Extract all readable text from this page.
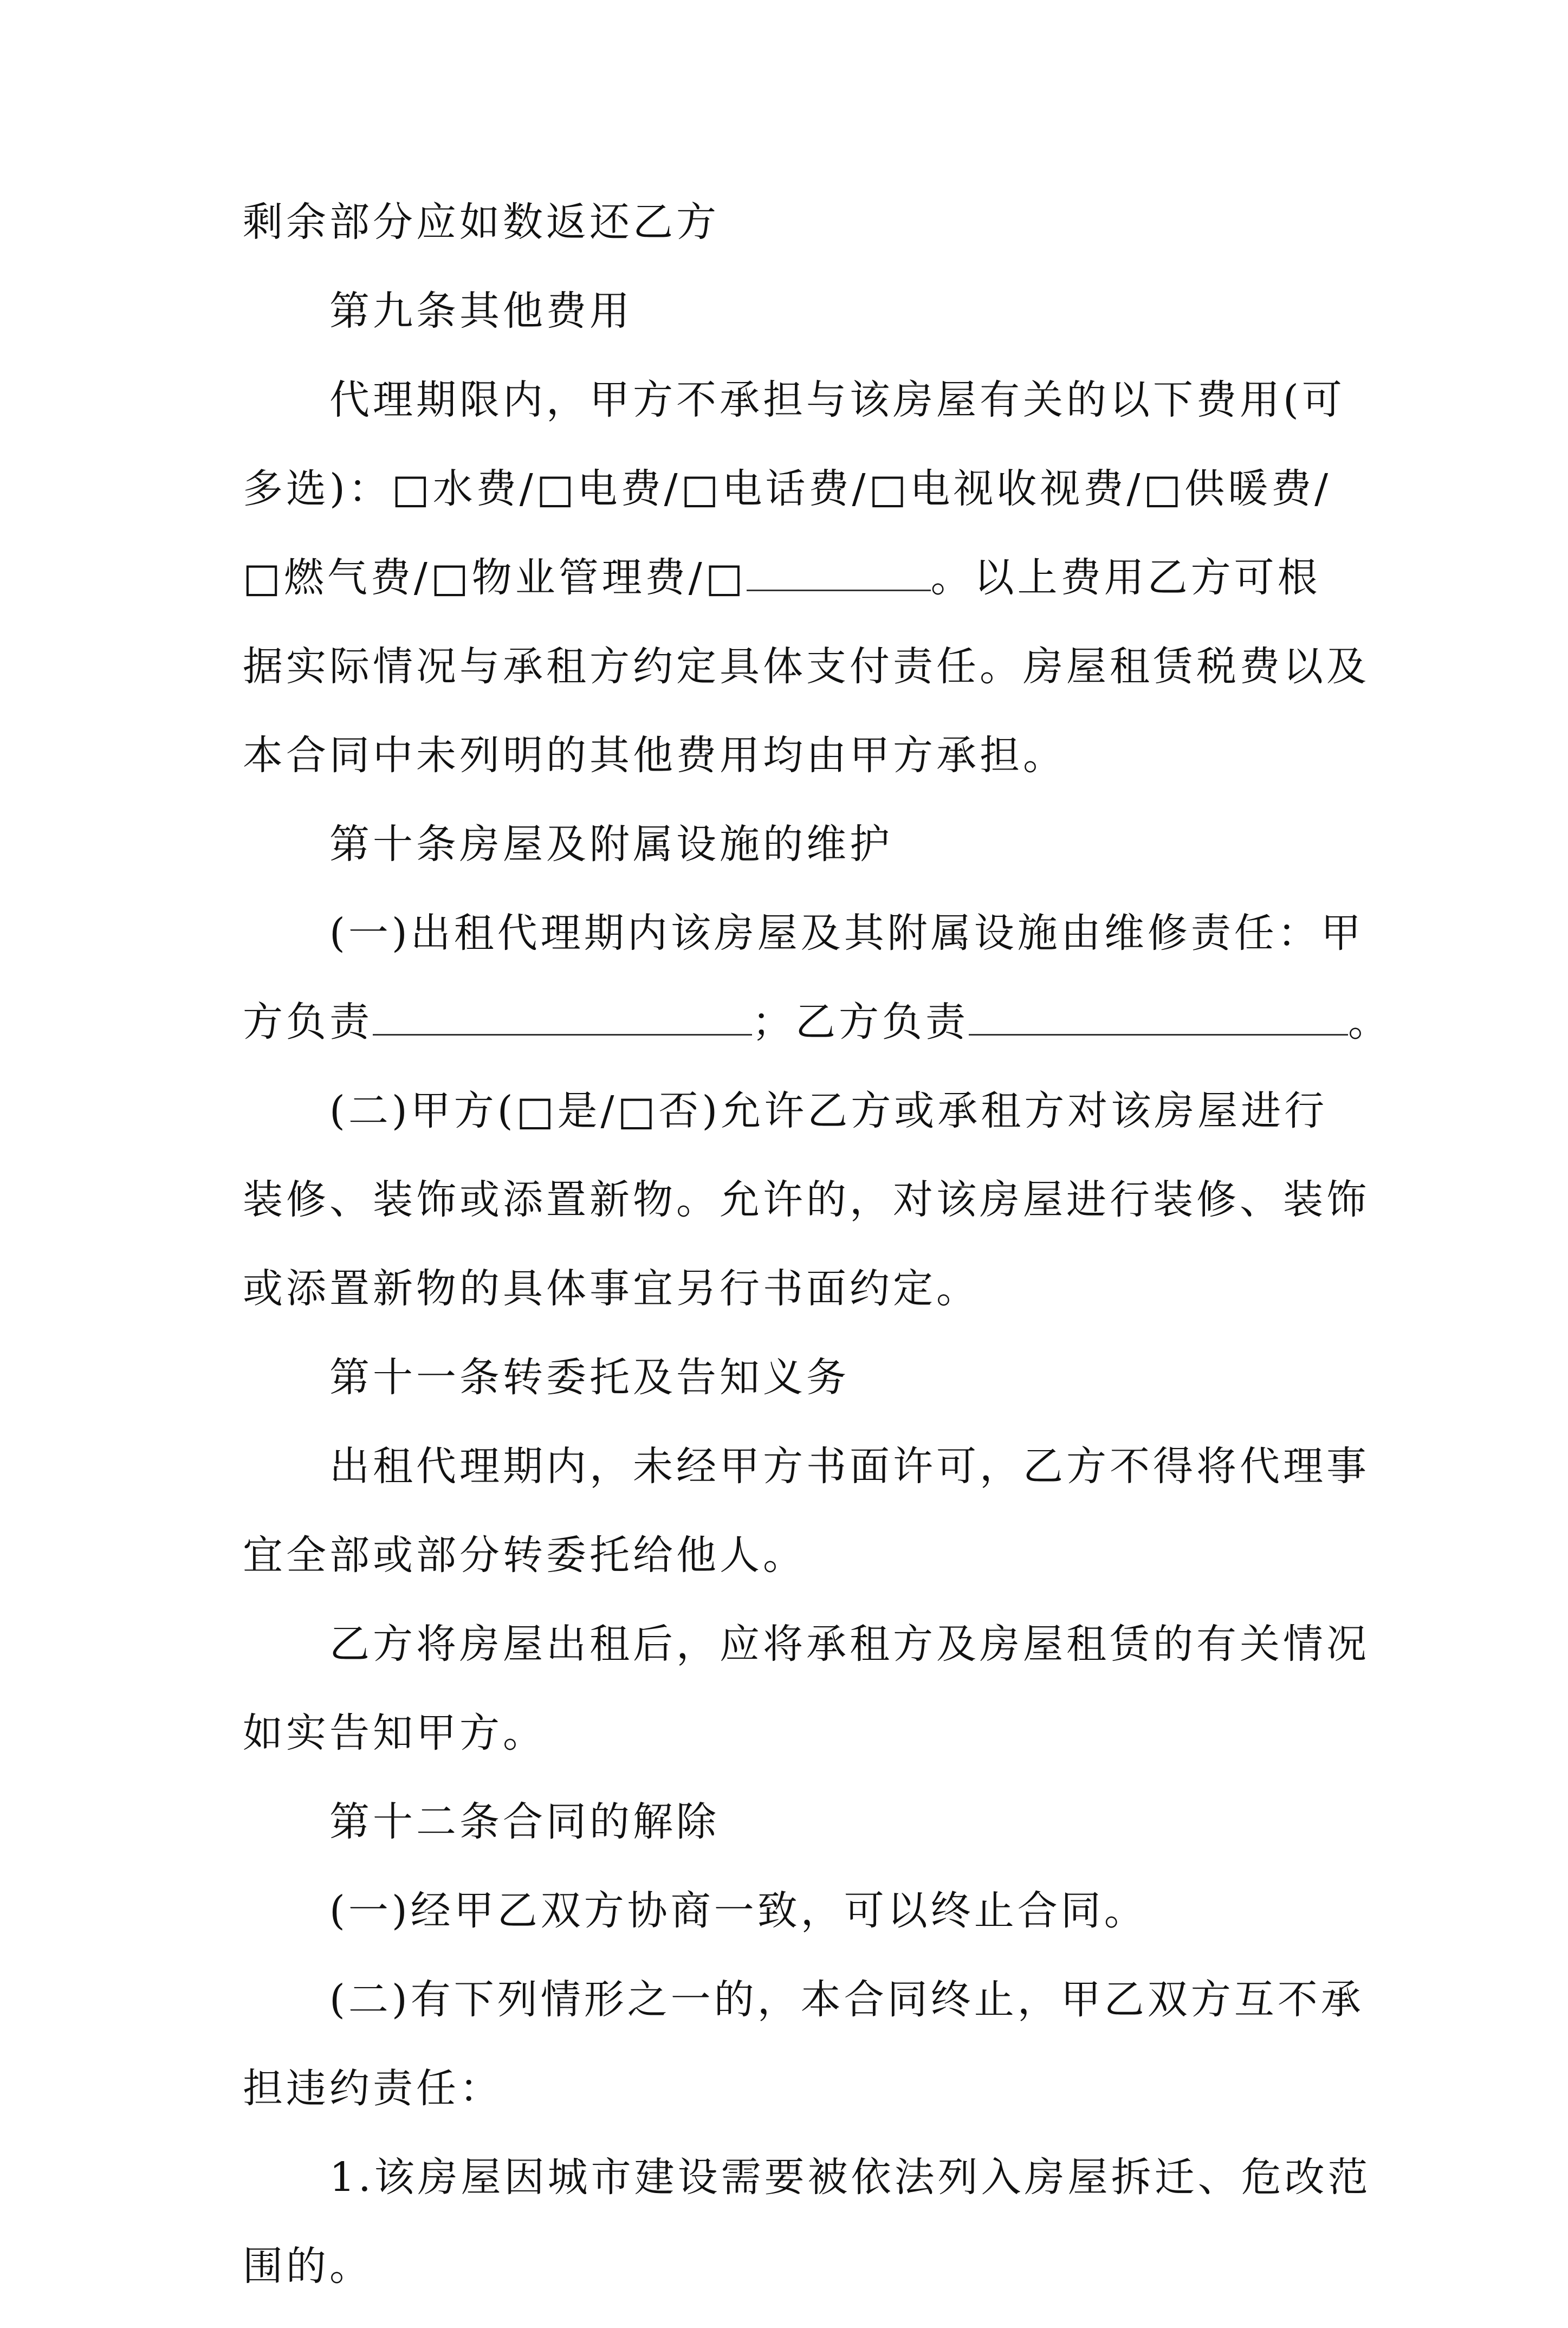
剩余部分应如数返还乙方
第九条其他费用
代理期限内，甲方不承担与该房屋有关的以下费用(可
多选)：□水费/□电费/□电话费/□电视收视费/□供暖费/
□燃气费/□物业管理费/□	。以上费用乙方可根
据实际情况与承租方约定具体支付责任。房屋租赁税费以及
本合同中未列明的其他费用均由甲方承担。
第十条房屋及附属设施的维护
(一)出租代理期内该房屋及其附属设施由维修责任：甲
方负责	；乙方负责	。
(二)甲方(□是/□否)允许乙方或承租方对该房屋进行
装修、装饰或添置新物。允许的，对该房屋进行装修、装饰
或添置新物的具体事宜另行书面约定。
第十一条转委托及告知义务
出租代理期内，未经甲方书面许可，乙方不得将代理事
宜全部或部分转委托给他人。
乙方将房屋出租后，应将承租方及房屋租赁的有关情况
如实告知甲方。
第十二条合同的解除
(一)经甲乙双方协商一致，可以终止合同。
(二)有下列情形之一的，本合同终止，甲乙双方互不承
担违约责任：
1.该房屋因城市建设需要被依法列入房屋拆迁、危改范
围的。
